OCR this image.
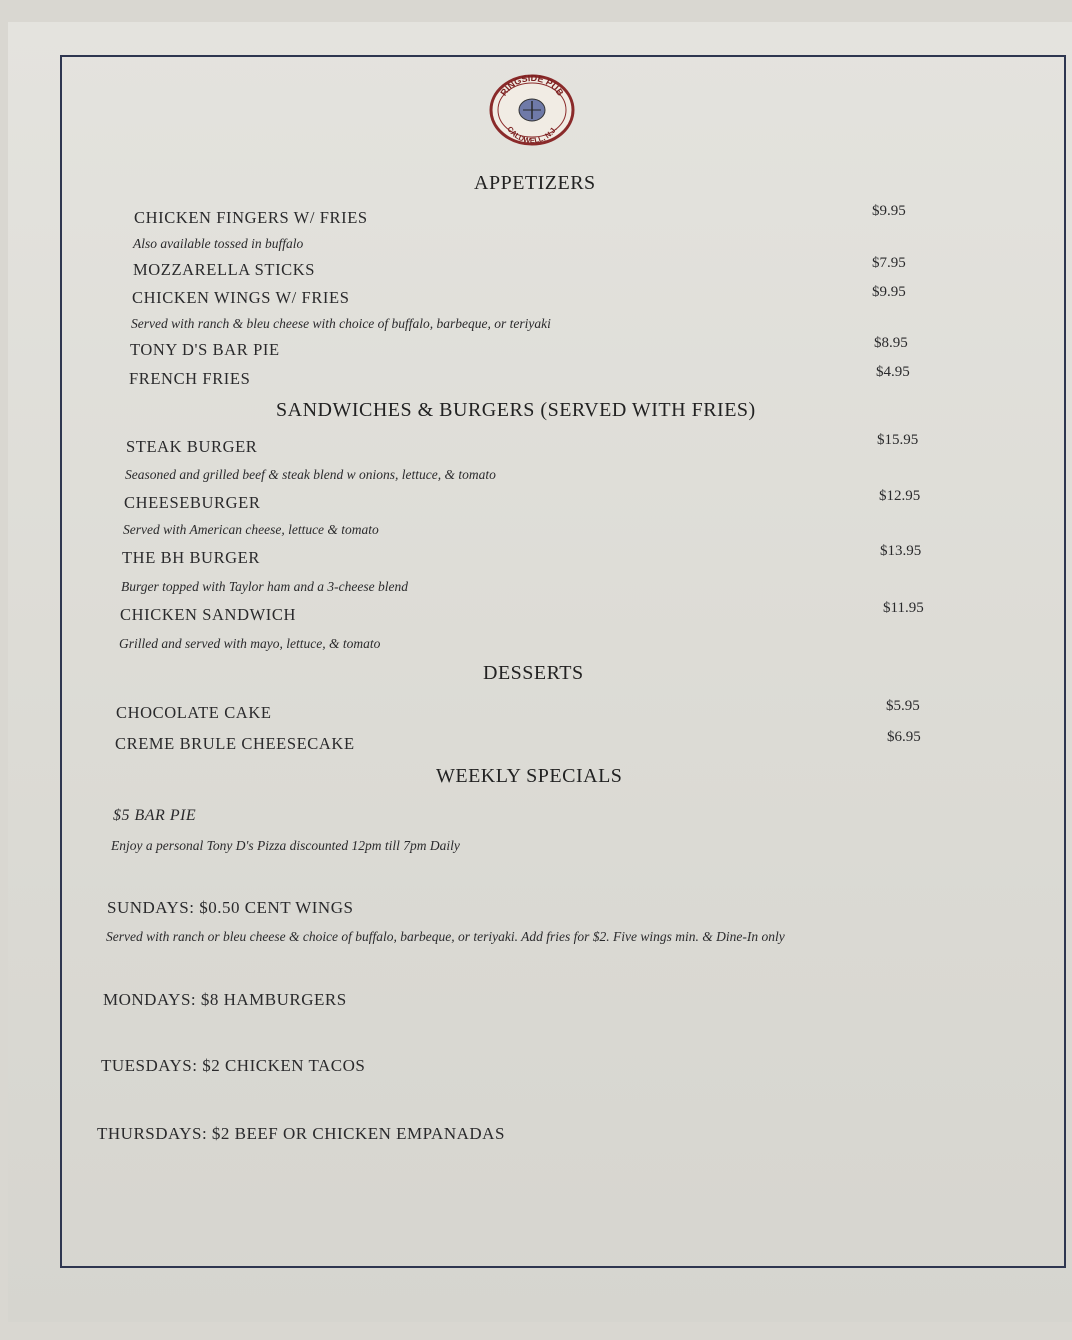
RINGSIDE PUB
CALDWELL, N.J.
APPETIZERS
CHICKEN FINGERS W/ FRIES	$9.95
Also available tossed in buffalo
MOZZARELLA STICKS	$7.95
CHICKEN WINGS W/ FRIES	$9.95
Served with ranch & bleu cheese with choice of buffalo, barbeque, or teriyaki
TONY D'S BAR PIE	$8.95
FRENCH FRIES	$4.95
SANDWICHES & BURGERS (SERVED WITH FRIES)
STEAK BURGER	$15.95
Seasoned and grilled beef & steak blend w onions, lettuce, & tomato
CHEESEBURGER	$12.95
Served with American cheese, lettuce & tomato
THE BH BURGER	$13.95
Burger topped with Taylor ham and a 3-cheese blend
CHICKEN SANDWICH	$11.95
Grilled and served with mayo, lettuce, & tomato
DESSERTS
CHOCOLATE CAKE	$5.95
CREME BRULE CHEESECAKE	$6.95
WEEKLY SPECIALS
$5 BAR PIE
Enjoy a personal Tony D's Pizza discounted 12pm till 7pm Daily
SUNDAYS: $0.50 CENT WINGS
Served with ranch or bleu cheese & choice of buffalo, barbeque, or teriyaki. Add fries for $2. Five wings min. & Dine-In only
MONDAYS: $8 HAMBURGERS
TUESDAYS: $2 CHICKEN TACOS
THURSDAYS: $2 BEEF OR CHICKEN EMPANADAS
